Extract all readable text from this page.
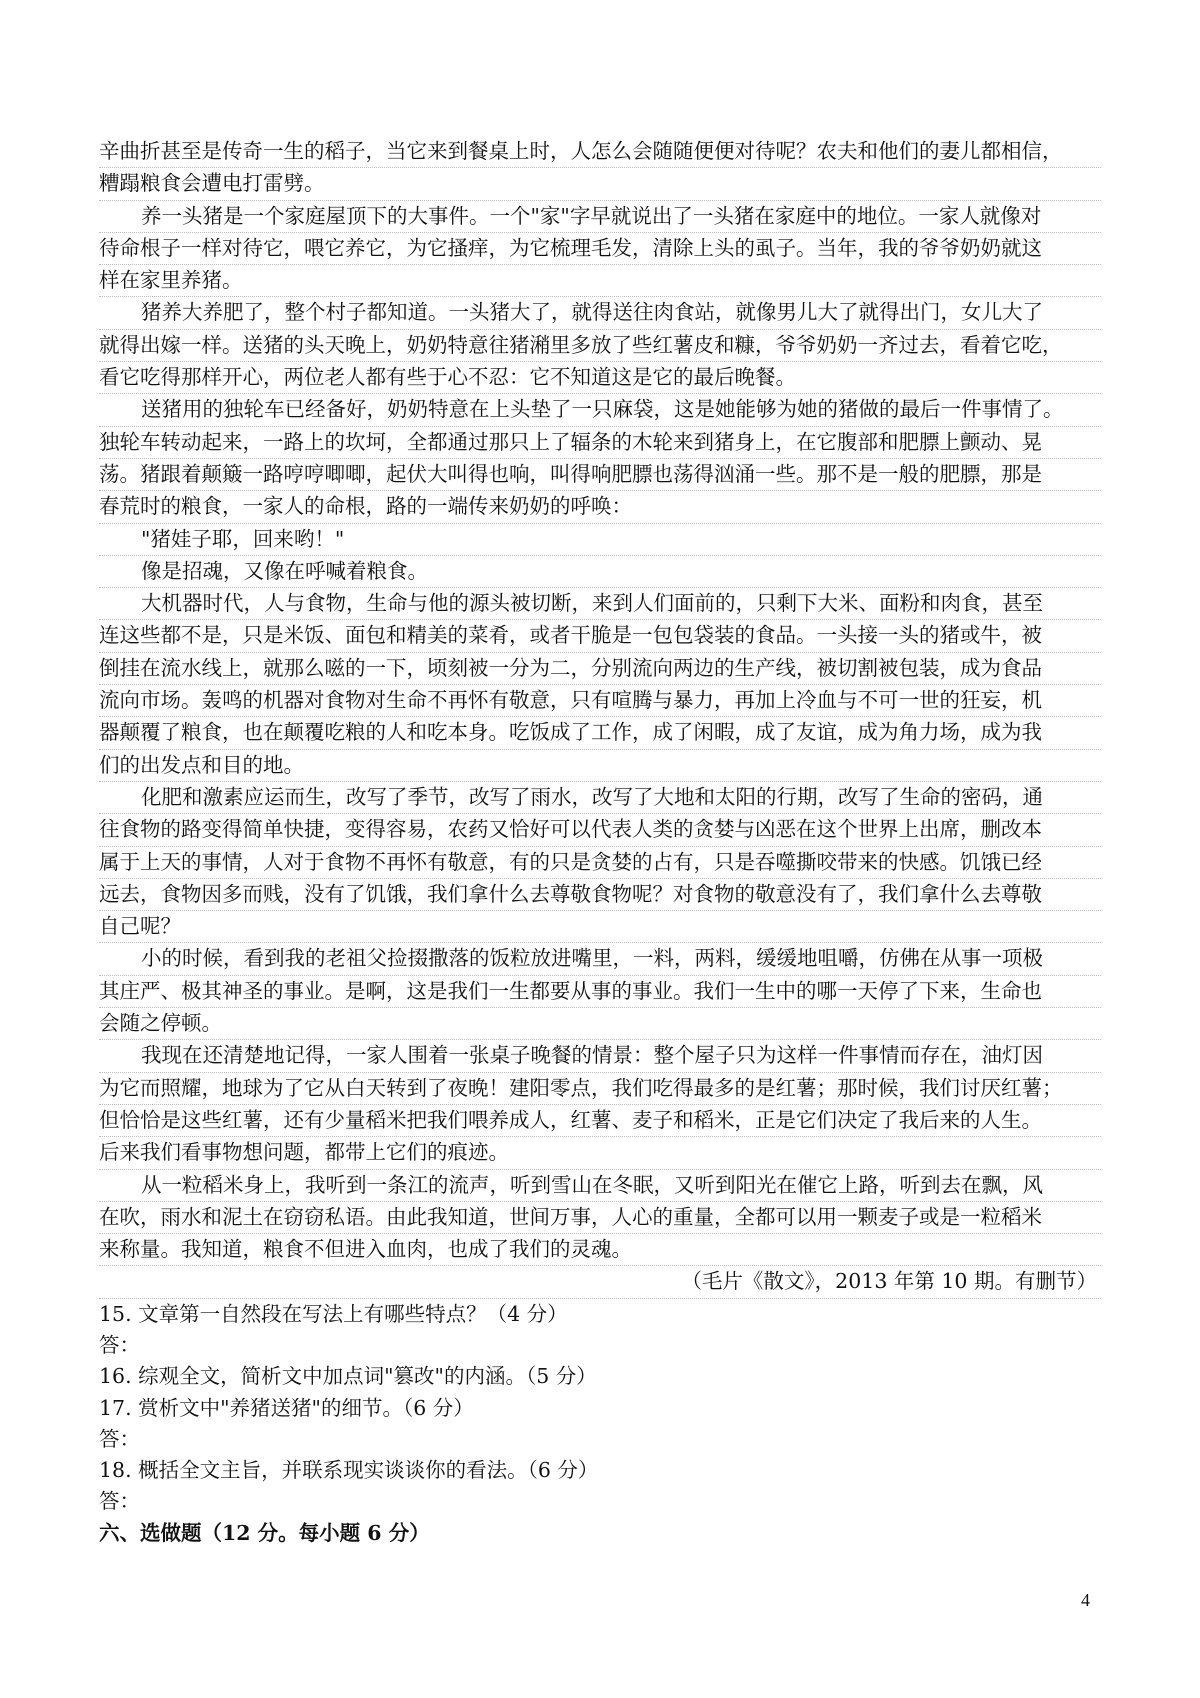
辛曲折甚至是传奇一生的稻子，当它来到餐桌上时，人怎么会随随便便对待呢？农夫和他们的妻儿都相信，
糟蹋粮食会遭电打雷劈。
养一头猪是一个家庭屋顶下的大事件。一个"家"字早就说出了一头猪在家庭中的地位。一家人就像对
待命根子一样对待它，喂它养它，为它搔痒，为它梳理毛发，清除上头的虱子。当年，我的爷爷奶奶就这
样在家里养猪。
猪养大养肥了，整个村子都知道。一头猪大了，就得送往肉食站，就像男儿大了就得出门，女儿大了
就得出嫁一样。送猪的头天晚上，奶奶特意往猪潲里多放了些红薯皮和糠，爷爷奶奶一齐过去，看着它吃，
看它吃得那样开心，两位老人都有些于心不忍：它不知道这是它的最后晚餐。
送猪用的独轮车已经备好，奶奶特意在上头垫了一只麻袋，这是她能够为她的猪做的最后一件事情了。
独轮车转动起来，一路上的坎坷，全都通过那只上了辐条的木轮来到猪身上，在它腹部和肥膘上颤动、晃
荡。猪跟着颠簸一路哼哼唧唧，起伏大叫得也响，叫得响肥膘也荡得汹涌一些。那不是一般的肥膘，那是
春荒时的粮食，一家人的命根，路的一端传来奶奶的呼唤：
"猪娃子耶，回来哟！"
像是招魂，又像在呼喊着粮食。
大机器时代，人与食物，生命与他的源头被切断，来到人们面前的，只剩下大米、面粉和肉食，甚至
连这些都不是，只是米饭、面包和精美的菜肴，或者干脆是一包包袋装的食品。一头接一头的猪或牛，被
倒挂在流水线上，就那么嗞的一下，顷刻被一分为二，分别流向两边的生产线，被切割被包装，成为食品
流向市场。轰鸣的机器对食物对生命不再怀有敬意，只有喧腾与暴力，再加上冷血与不可一世的狂妄，机
器颠覆了粮食，也在颠覆吃粮的人和吃本身。吃饭成了工作，成了闲暇，成了友谊，成为角力场，成为我
们的出发点和目的地。
化肥和激素应运而生，改写了季节，改写了雨水，改写了大地和太阳的行期，改写了生命的密码，通
往食物的路变得简单快捷，变得容易，农药又恰好可以代表人类的贪婪与凶恶在这个世界上出席，删改本
属于上天的事情，人对于食物不再怀有敬意，有的只是贪婪的占有，只是吞噬撕咬带来的快感。饥饿已经
远去，食物因多而贱，没有了饥饿，我们拿什么去尊敬食物呢？对食物的敬意没有了，我们拿什么去尊敬
自己呢？
小的时候，看到我的老祖父捡掇撒落的饭粒放进嘴里，一料，两料，缓缓地咀嚼，仿佛在从事一项极
其庄严、极其神圣的事业。是啊，这是我们一生都要从事的事业。我们一生中的哪一天停了下来，生命也
会随之停顿。
我现在还清楚地记得，一家人围着一张桌子晚餐的情景：整个屋子只为这样一件事情而存在，油灯因
为它而照耀，地球为了它从白天转到了夜晚！建阳零点，我们吃得最多的是红薯；那时候，我们讨厌红薯；
但恰恰是这些红薯，还有少量稻米把我们喂养成人，红薯、麦子和稻米，正是它们决定了我后来的人生。
后来我们看事物想问题，都带上它们的痕迹。
从一粒稻米身上，我听到一条江的流声，听到雪山在冬眠，又听到阳光在催它上路，听到去在飘，风
在吹，雨水和泥土在窃窃私语。由此我知道，世间万事，人心的重量，全都可以用一颗麦子或是一粒稻米
来称量。我知道，粮食不但进入血肉，也成了我们的灵魂。
（毛片《散文》，2013 年第 10 期。有删节）
15. 文章第一自然段在写法上有哪些特点？（4 分）
答：
16. 综观全文，简析文中加点词"篡改"的内涵。（5 分）
17. 赏析文中"养猪送猪"的细节。（6 分）
答：
18. 概括全文主旨，并联系现实谈谈你的看法。（6 分）
答：
六、选做题（12 分。每小题 6 分）
4
